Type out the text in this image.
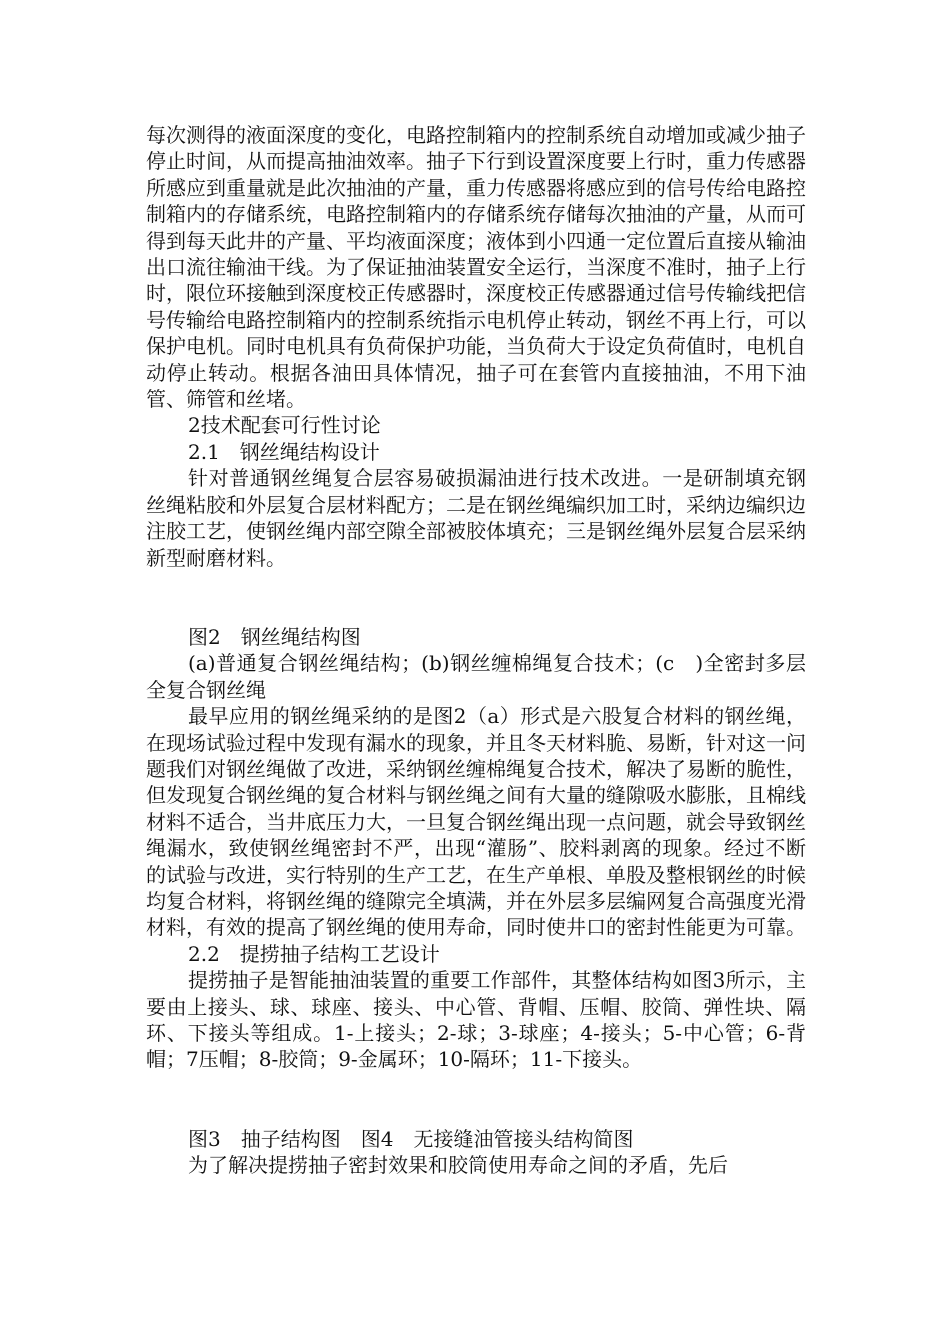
每次测得的液面深度的变化，电路控制箱内的控制系统自动增加或减少抽子停止时间，从而提高抽油效率。抽子下行到设置深度要上行时，重力传感器所感应到重量就是此次抽油的产量，重力传感器将感应到的信号传给电路控制箱内的存储系统，电路控制箱内的存储系统存储每次抽油的产量，从而可得到每天此井的产量、平均液面深度；液体到小四通一定位置后直接从输油出口流往输油干线。为了保证抽油装置安全运行，当深度不准时，抽子上行时，限位环接触到深度校正传感器时，深度校正传感器通过信号传输线把信号传输给电路控制箱内的控制系统指示电机停止转动，钢丝不再上行，可以保护电机。同时电机具有负荷保护功能，当负荷大于设定负荷值时，电机自动停止转动。根据各油田具体情况，抽子可在套管内直接抽油，不用下油管、筛管和丝堵。

2技术配套可行性讨论

2.1　钢丝绳结构设计

针对普通钢丝绳复合层容易破损漏油进行技术改进。一是研制填充钢丝绳粘胶和外层复合层材料配方；二是在钢丝绳编织加工时，采纳边编织边注胶工艺，使钢丝绳内部空隙全部被胶体填充；三是钢丝绳外层复合层采纳新型耐磨材料。

图2　钢丝绳结构图

(a)普通复合钢丝绳结构；(b)钢丝缠棉绳复合技术；(c　)全密封多层全复合钢丝绳

最早应用的钢丝绳采纳的是图2（a）形式是六股复合材料的钢丝绳，在现场试验过程中发现有漏水的现象，并且冬天材料脆、易断，针对这一问题我们对钢丝绳做了改进，采纳钢丝缠棉绳复合技术，解决了易断的脆性，但发现复合钢丝绳的复合材料与钢丝绳之间有大量的缝隙吸水膨胀，且棉线材料不适合，当井底压力大，一旦复合钢丝绳出现一点问题，就会导致钢丝绳漏水，致使钢丝绳密封不严，出现“灌肠”、胶料剥离的现象。经过不断的试验与改进，实行特别的生产工艺，在生产单根、单股及整根钢丝的时候均复合材料，将钢丝绳的缝隙完全填满，并在外层多层编网复合高强度光滑材料，有效的提高了钢丝绳的使用寿命，同时使井口的密封性能更为可靠。

2.2　提捞抽子结构工艺设计

提捞抽子是智能抽油装置的重要工作部件，其整体结构如图3所示，主要由上接头、球、球座、接头、中心管、背帽、压帽、胶筒、弹性块、隔环、下接头等组成。1-上接头；2-球；3-球座；4-接头；5-中心管；6-背帽；7压帽；8-胶筒；9-金属环；10-隔环；11-下接头。

图3　抽子结构图　图4　无接缝油管接头结构简图

为了解决提捞抽子密封效果和胶筒使用寿命之间的矛盾，先后
